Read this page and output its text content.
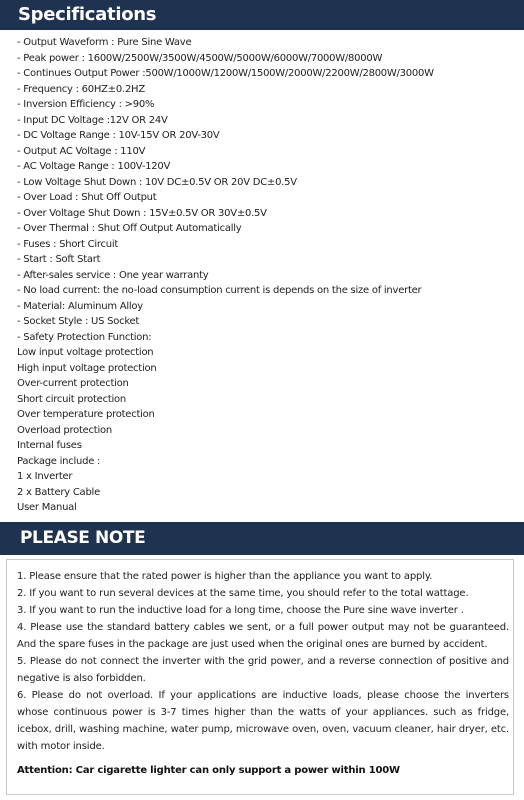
Specifications
- Output Waveform : Pure Sine Wave
- Peak power : 1600W/2500W/3500W/4500W/5000W/6000W/7000W/8000W
- Continues Output Power :500W/1000W/1200W/1500W/2000W/2200W/2800W/3000W
- Frequency : 60HZ±0.2HZ
- Inversion Efficiency : >90%
- Input DC Voltage :12V OR 24V
- DC Voltage Range : 10V-15V OR 20V-30V
- Output AC Voltage : 110V
- AC Voltage Range : 100V-120V
- Low Voltage Shut Down : 10V DC±0.5V OR 20V DC±0.5V
- Over Load : Shut Off Output
- Over Voltage Shut Down : 15V±0.5V OR 30V±0.5V
- Over Thermal : Shut Off Output Automatically
- Fuses : Short Circuit
- Start : Soft Start
- After-sales service : One year warranty
- No load current: the no-load consumption current is depends on the size of inverter
- Material: Aluminum Alloy
- Socket Style : US Socket
- Safety Protection Function:
Low input voltage protection
High input voltage protection
Over-current protection
Short circuit protection
Over temperature protection
Overload protection
Internal fuses
Package include :
1 x Inverter
2 x Battery Cable
User Manual
PLEASE NOTE
1. Please ensure that the rated power is higher than the appliance you want to apply.
2. If you want to run several devices at the same time, you should refer to the total wattage.
3. If you want to run the inductive load for a long time, choose the Pure sine wave inverter .
4. Please use the standard battery cables we sent, or a full power output may not be guaranteed. And the spare fuses in the package are just used when the original ones are burned by accident.
5. Please do not connect the inverter with the grid power, and a reverse connection of positive and negative is also forbidden.
6. Please do not overload. If your applications are inductive loads, please choose the inverters whose continuous power is 3-7 times higher than the watts of your appliances. such as fridge, icebox, drill, washing machine, water pump, microwave oven, oven, vacuum cleaner, hair dryer, etc. with motor inside.
Attention: Car cigarette lighter can only support a power within 100W
